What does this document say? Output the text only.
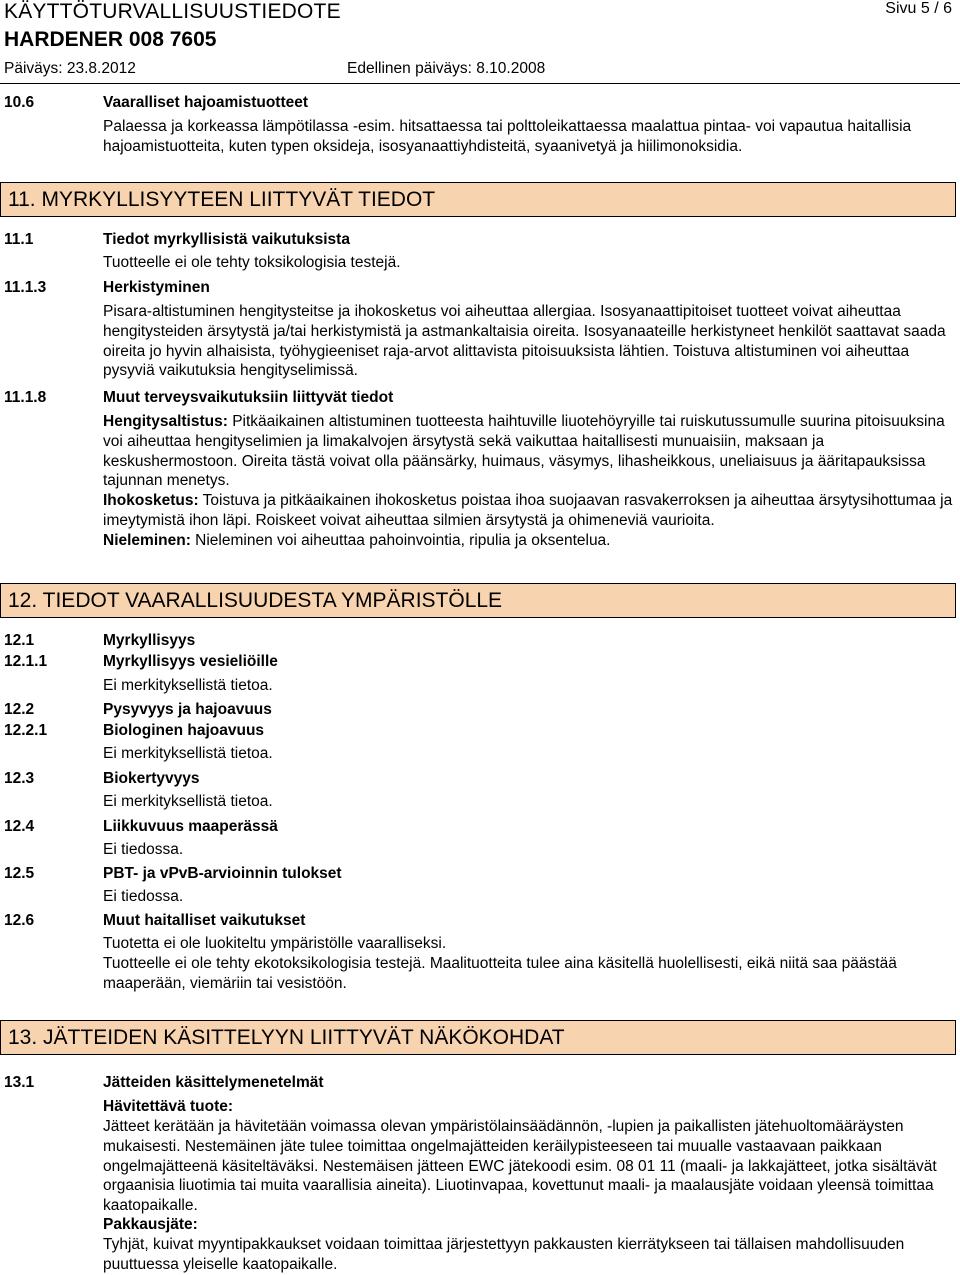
KÄYTTÖTURVALLISUUSTIEDOTE	Sivu 5 / 6
HARDENER 008 7605
Päiväys: 23.8.2012	Edellinen päiväys: 8.10.2008
10.6	Vaaralliset hajoamistuotteet
Palaessa ja korkeassa lämpötilassa -esim. hitsattaessa tai polttoleikattaessa maalattua pintaa- voi vapautua haitallisia hajoamistuotteita, kuten typen oksideja, isosyanaattiyhdisteitä, syaanivetyä ja hiilimonoksidia.
11. MYRKYLLISYYTEEN LIITTYVÄT TIEDOT
11.1	Tiedot myrkyllisistä vaikutuksista
Tuotteelle ei ole tehty toksikologisia testejä.
11.1.3	Herkistyminen
Pisara-altistuminen hengitysteitse ja ihokosketus voi aiheuttaa allergiaa. Isosyanaattipitoiset tuotteet voivat aiheuttaa hengitysteiden ärsytystä ja/tai herkistymistä ja astmankaltaisia oireita. Isosyanaateille herkistyneet henkilöt saattavat saada oireita jo hyvin alhaisista, työhygieeniset raja-arvot alittavista pitoisuuksista lähtien. Toistuva altistuminen voi aiheuttaa pysyviä vaikutuksia hengityselimissä.
11.1.8	Muut terveysvaikutuksiin liittyvät tiedot
Hengitysaltistus: Pitkäaikainen altistuminen tuotteesta haihtuville liuotehöyryille tai ruiskutussumulle suurina pitoisuuksina voi aiheuttaa hengityselimien ja limakalvojen ärsytystä sekä vaikuttaa haitallisesti munuaisiin, maksaan ja keskushermostoon. Oireita tästä voivat olla päänsärky, huimaus, väsymys, lihasheikkous, uneliaisuus ja ääritapauksissa tajunnan menetys.
Ihokosketus: Toistuva ja pitkäaikainen ihokosketus poistaa ihoa suojaavan rasvakerroksen ja aiheuttaa ärsytysihottumaa ja imeytymistä ihon läpi. Roiskeet voivat aiheuttaa silmien ärsytystä ja ohimeneviä vaurioita.
Nieleminen: Nieleminen voi aiheuttaa pahoinvointia, ripulia ja oksentelua.
12. TIEDOT VAARALLISUUDESTA YMPÄRISTÖLLE
12.1	Myrkyllisyys
12.1.1	Myrkyllisyys vesieliöille
Ei merkityksellistä tietoa.
12.2	Pysyvyys ja hajoavuus
12.2.1	Biologinen hajoavuus
Ei merkityksellistä tietoa.
12.3	Biokertyvyys
Ei merkityksellistä tietoa.
12.4	Liikkuvuus maaperässä
Ei tiedossa.
12.5	PBT- ja vPvB-arvioinnin tulokset
Ei tiedossa.
12.6	Muut haitalliset vaikutukset
Tuotetta ei ole luokiteltu ympäristölle vaaralliseksi.
Tuotteelle ei ole tehty ekotoksikologisia testejä. Maalituotteita tulee aina käsitellä huolellisesti, eikä niitä saa päästää maaperään, viemäriin tai vesistöön.
13. JÄTTEIDEN KÄSITTELYYN LIITTYVÄT NÄKÖKOHDAT
13.1	Jätteiden käsittelymenetelmät
Hävitettävä tuote:
Jätteet kerätään ja hävitetään voimassa olevan ympäristölainsäädännön, -lupien ja paikallisten jätehuoltomääräysten mukaisesti. Nestemäinen jäte tulee toimittaa ongelmajätteiden keräilypisteeseen tai muualle vastaavaan paikkaan ongelmajätteenä käsiteltäväksi. Nestemäisen jätteen EWC jätekoodi esim. 08 01 11 (maali- ja lakkajätteet, jotka sisältävät orgaanisia liuotimia tai muita vaarallisia aineita). Liuotinvapaa, kovettunut maali- ja maalausjäte voidaan yleensä toimittaa kaatopaikalle.
Pakkausjäte:
Tyhjät, kuivat myyntipakkaukset voidaan toimittaa järjestettyyn pakkausten kierrätykseen tai tällaisen mahdollisuuden puuttuessa yleiselle kaatopaikalle.
